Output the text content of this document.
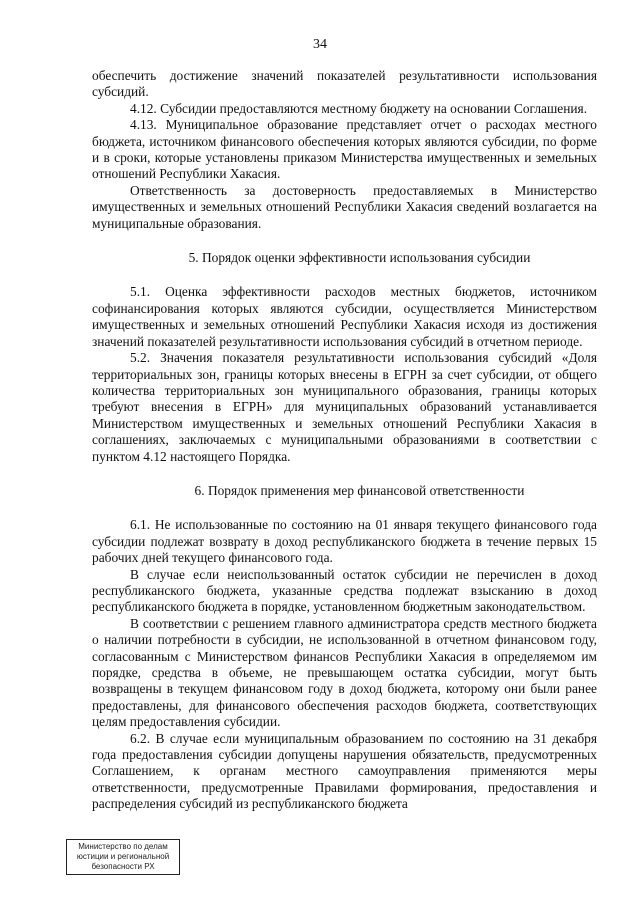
34

обеспечить достижение значений показателей результативности использования субсидий.

4.12. Субсидии предоставляются местному бюджету на основании Соглашения.

4.13. Муниципальное образование представляет отчет о расходах местного бюджета, источником финансового обеспечения которых являются субсидии, по форме и в сроки, которые установлены приказом Министерства имущественных и земельных отношений Республики Хакасия.

Ответственность за достоверность предоставляемых в Министерство имущественных и земельных отношений Республики Хакасия сведений возлагается на муниципальные образования.

5. Порядок оценки эффективности использования субсидии

5.1. Оценка эффективности расходов местных бюджетов, источником софинансирования которых являются субсидии, осуществляется Министерством имущественных и земельных отношений Республики Хакасия исходя из достижения значений показателей результативности использования субсидий в отчетном периоде.

5.2. Значения показателя результативности использования субсидий «Доля территориальных зон, границы которых внесены в ЕГРН за счет субсидии, от общего количества территориальных зон муниципального образования, границы которых требуют внесения в ЕГРН» для муниципальных образований устанавливается Министерством имущественных и земельных отношений Республики Хакасия в соглашениях, заключаемых с муниципальными образованиями в соответствии с пунктом 4.12 настоящего Порядка.

6. Порядок применения мер финансовой ответственности

6.1. Не использованные по состоянию на 01 января текущего финансового года субсидии подлежат возврату в доход республиканского бюджета в течение первых 15 рабочих дней текущего финансового года.

В случае если неиспользованный остаток субсидии не перечислен в доход республиканского бюджета, указанные средства подлежат взысканию в доход республиканского бюджета в порядке, установленном бюджетным законодательством.

В соответствии с решением главного администратора средств местного бюджета о наличии потребности в субсидии, не использованной в отчетном финансовом году, согласованным с Министерством финансов Республики Хакасия в определяемом им порядке, средства в объеме, не превышающем остатка субсидии, могут быть возвращены в текущем финансовом году в доход бюджета, которому они были ранее предоставлены, для финансового обеспечения расходов бюджета, соответствующих целям предоставления субсидии.

6.2. В случае если муниципальным образованием по состоянию на 31 декабря года предоставления субсидии допущены нарушения обязательств, предусмотренных Соглашением, к органам местного самоуправления применяются меры ответственности, предусмотренные Правилами формирования, предоставления и распределения субсидий из республиканского бюджета

Министерство по делам
юстиции и региональной
безопасности РХ
